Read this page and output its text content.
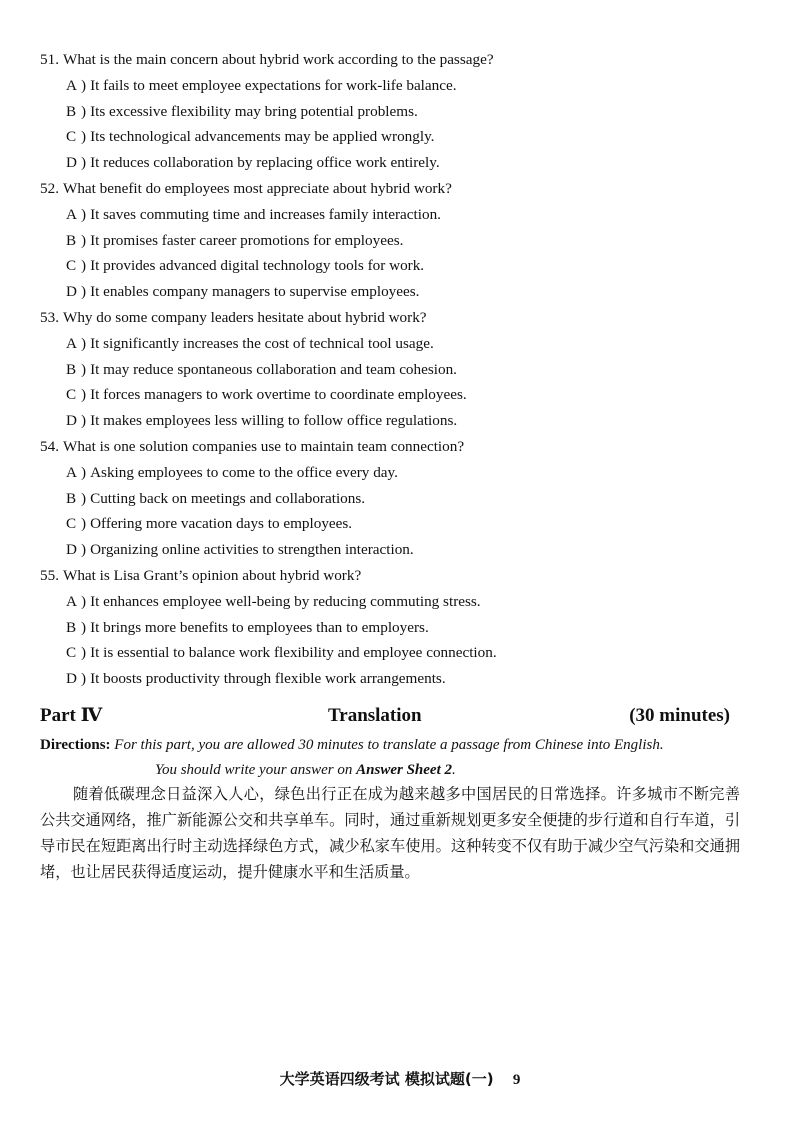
51. What is the main concern about hybrid work according to the passage?
A ) It fails to meet employee expectations for work-life balance.
B ) Its excessive flexibility may bring potential problems.
C ) Its technological advancements may be applied wrongly.
D ) It reduces collaboration by replacing office work entirely.
52. What benefit do employees most appreciate about hybrid work?
A ) It saves commuting time and increases family interaction.
B ) It promises faster career promotions for employees.
C ) It provides advanced digital technology tools for work.
D ) It enables company managers to supervise employees.
53. Why do some company leaders hesitate about hybrid work?
A ) It significantly increases the cost of technical tool usage.
B ) It may reduce spontaneous collaboration and team cohesion.
C ) It forces managers to work overtime to coordinate employees.
D ) It makes employees less willing to follow office regulations.
54. What is one solution companies use to maintain team connection?
A ) Asking employees to come to the office every day.
B ) Cutting back on meetings and collaborations.
C ) Offering more vacation days to employees.
D ) Organizing online activities to strengthen interaction.
55. What is Lisa Grant’s opinion about hybrid work?
A ) It enhances employee well-being by reducing commuting stress.
B ) It brings more benefits to employees than to employers.
C ) It is essential to balance work flexibility and employee connection.
D ) It boosts productivity through flexible work arrangements.
Part Ⅳ	Translation	(30 minutes)
Directions: For this part, you are allowed 30 minutes to translate a passage from Chinese into English.
You should write your answer on Answer Sheet 2.

随着低碳理念日益深入人心，绿色出行正在成为越来越多中国居民的日常选择。许多城市不断完善公共交通网络，推广新能源公交和共享单车。同时，通过重新规划更多安全便捷的步行道和自行车道，引导市民在短距离出行时主动选择绿色方式，减少私家车使用。这种转变不仅有助于减少空气污染和交通拥堵，也让居民获得适度运动，提升健康水平和生活质量。

大学英语四级考试 模拟试题(一) 9
